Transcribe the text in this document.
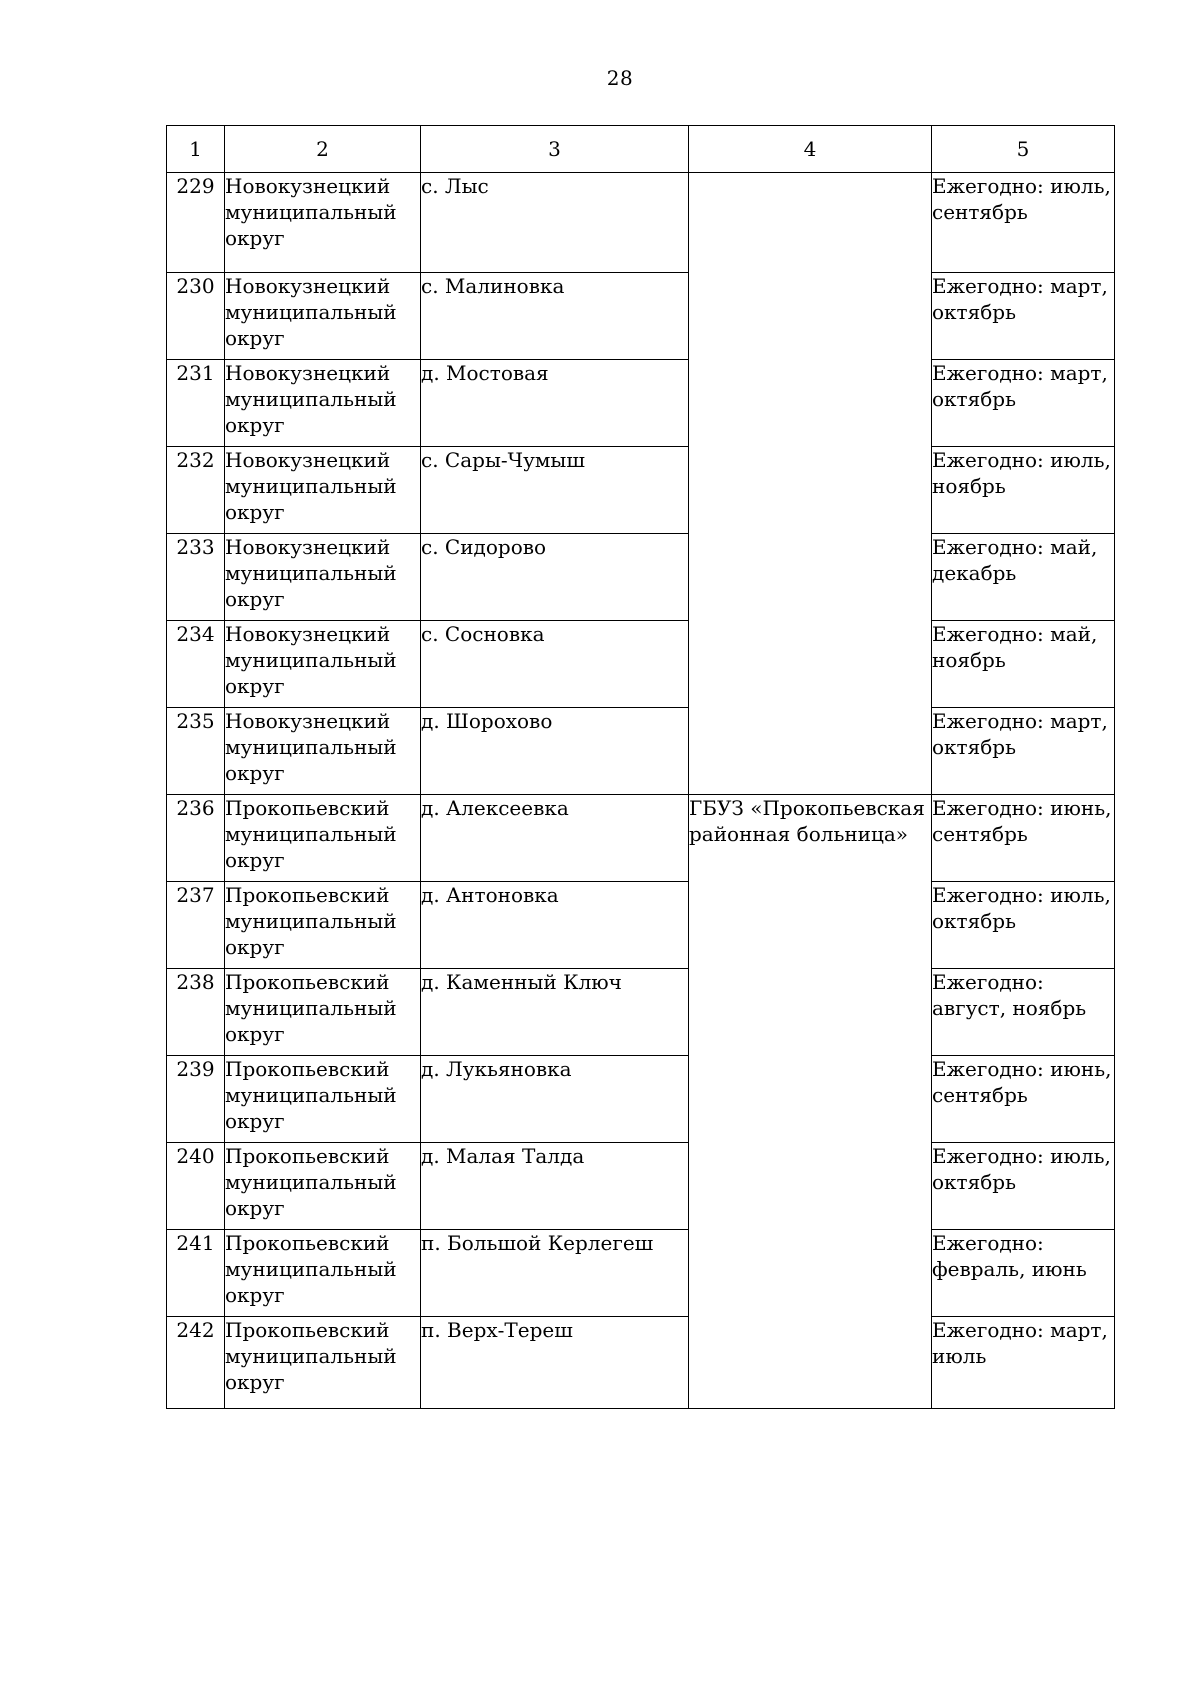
28
1	2	3	4	5
229	Новокузнецкий
муниципальный
округ	с. Лыс		Ежегодно: июль,
сентябрь

230	Новокузнецкий
муниципальный
округ	с. Малиновка		Ежегодно: март,
октябрь

231	Новокузнецкий
муниципальный
округ	д. Мостовая		Ежегодно: март,
октябрь

232	Новокузнецкий
муниципальный
округ	с. Сары-Чумыш		Ежегодно: июль,
ноябрь

233	Новокузнецкий
муниципальный
округ	с. Сидорово		Ежегодно: май,
декабрь

234	Новокузнецкий
муниципальный
округ	с. Сосновка		Ежегодно: май,
ноябрь

235	Новокузнецкий
муниципальный
округ	д. Шорохово		Ежегодно: март,
октябрь

236	Прокопьевский
муниципальный
округ	д. Алексеевка	ГБУЗ «Прокопьевская
районная больница»	Ежегодно: июнь,
сентябрь

237	Прокопьевский
муниципальный
округ	д. Антоновка		Ежегодно: июль,
октябрь

238	Прокопьевский
муниципальный
округ	д. Каменный Ключ		Ежегодно:
август, ноябрь

239	Прокопьевский
муниципальный
округ	д. Лукьяновка		Ежегодно: июнь,
сентябрь

240	Прокопьевский
муниципальный
округ	д. Малая Талда		Ежегодно: июль,
октябрь

241	Прокопьевский
муниципальный
округ	п. Большой Керлегеш		Ежегодно:
февраль, июнь

242	Прокопьевский
муниципальный
округ	п. Верх-Тереш		Ежегодно: март,
июль
